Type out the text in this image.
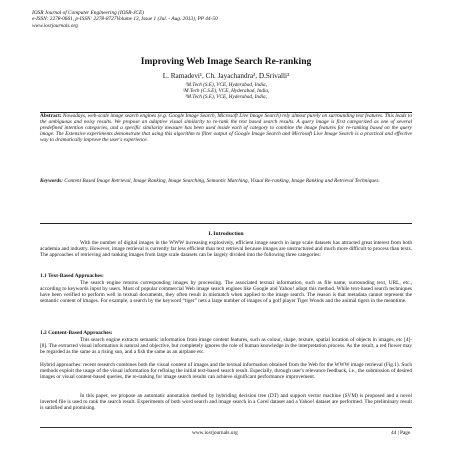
IOSR Journal of Computer Engineering (IOSR-JCE)
e-ISSN: 2278-0661, p-ISSN: 2278-8727Volume 13, Issue 1 (Jul. - Aug. 2013), PP 44-50
www.iosrjournals.org
Improving Web Image Search Re-ranking
L. Ramadevi¹, Ch. Jayachandra², D.Srivalli³
¹M.Tech (S.E), VCE, Hyderabad, India,
²M.Tech (C.S.E), VCE, Hyderabad, India,
³M.Tech (S.E), VCE, Hyderabad, India,
Abstract: Nowadays, web-scale image search engines (e.g. Google Image Search, Microsoft Live Image Search) rely almost purely on surrounding text features. This leads to the ambiguous and noisy results. We propose an adaptive visual similarity to re-rank the text based search results. A query image is first categorized as one of several predefined intention categories, and a specific similarity measure has been used inside each of category to combine the image features for re-ranking based on the query image. The Extensive experiments demonstrate that using this algorithm to filter output of Google Image Search and Microsoft Live Image Search is a practical and effective way to dramatically improve the user's experience.
Keywords: Content Based Image Retrieval, Image Ranking, Image Searching, Semantic Matching, Visual Re-ranking, Image Ranking and Retrieval Techniques.
I. Introduction
With the number of digital images in the WWW increasing explosively, efficient image search in large scale datasets has attracted great interest from both academia and industry. However, image retrieval is currently far less efficient than text retrieval because images are unstructured and much more difficult to process than texts. The approaches of retrieving and ranking images from large scale datasets can be largely divided into the following three categories:
1.1 Text-Based Approaches:
The search engine returns corresponding images by processing. The associated textual information, such as file name, surrounding text, URL, etc., according to keywords input by users. Most of popular commercial Web image search engines like Google and Yahoo! adopt this method. While text-based search techniques have been verified to perform well in textual documents, they often result in mismatch when applied to the image search. The reason is that metadata cannot represent the semantic content of images. For example, a search by the keyword “tiger” nets a large number of images of a golf player Tiger Woods and the animal tigers in the meantime.
1.2 Content-Based Approaches:
This search engine extracts semantic information from image content features, such as colour, shape, texture, spatial location of objects in images, etc [4]-[8]. The extracted visual information is natural and objective, but completely ignores the role of human knowledge in the interpretation process. As the result, a red flower may be regarded as the same as a rising sun, and a fish the same as an airplane etc.
Hybrid approaches: recent research combines both the visual content of images and the textual information obtained from the Web for the WWW image retrieval (Fig.1). Such methods exploit the usage of the visual information for refining the initial text-based search result. Especially, through user's relevance feedback, i.e., the submission of desired images or visual content-based queries, the re-ranking for image search results can achieve significant performance improvement.
In this paper, we propose an automatic annotation method by hybriding decision tree (DT) and support vector machine (SVM) is proposed and a novel inverted file is used to rank the search result. Experiments of both word search and image search in a Corel dataset and a Yahoo! dataset are performed. The preliminary result is satisfied and promising.
www.iosrjournals.org	44 | Page
